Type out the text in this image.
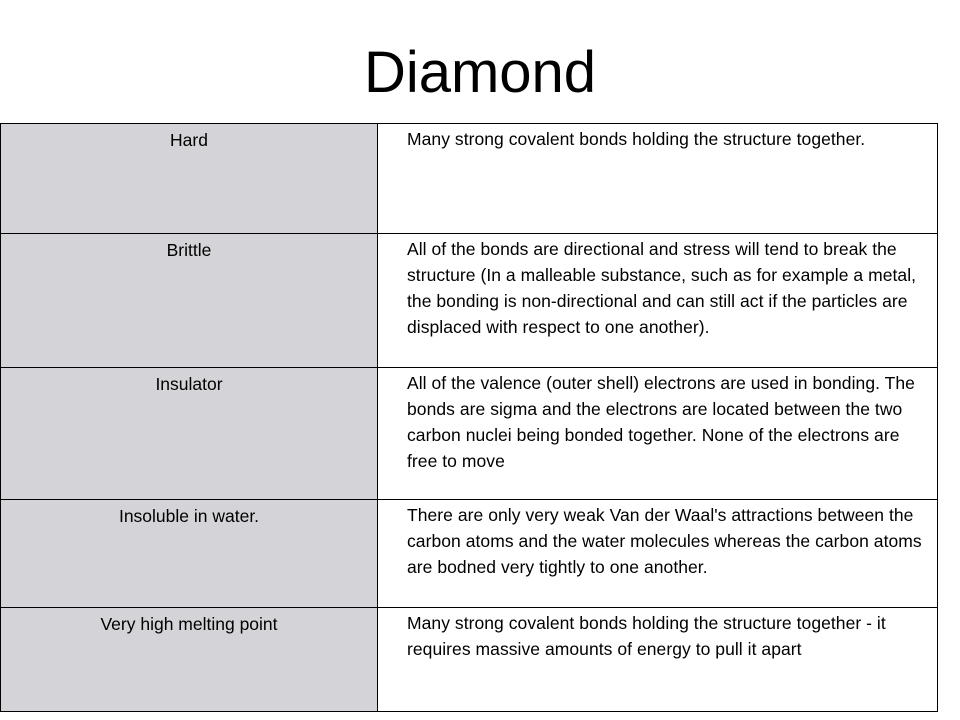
Diamond
Hard	Many strong covalent bonds holding the structure together.

Brittle	All of the bonds are directional and stress will tend to break the structure (In a malleable substance, such as for example a metal, the bonding is non-directional and can still act if the particles are displaced with respect to one another).

Insulator	All of the valence (outer shell) electrons are used in bonding. The bonds are sigma and the electrons are located between the two carbon nuclei being bonded together. None of the electrons are free to move

Insoluble in water.	There are only very weak Van der Waal's attractions between the carbon atoms and the water molecules whereas the carbon atoms are bodned very tightly to one another.

Very high melting point	Many strong covalent bonds holding the structure together - it requires massive amounts of energy to pull it apart
